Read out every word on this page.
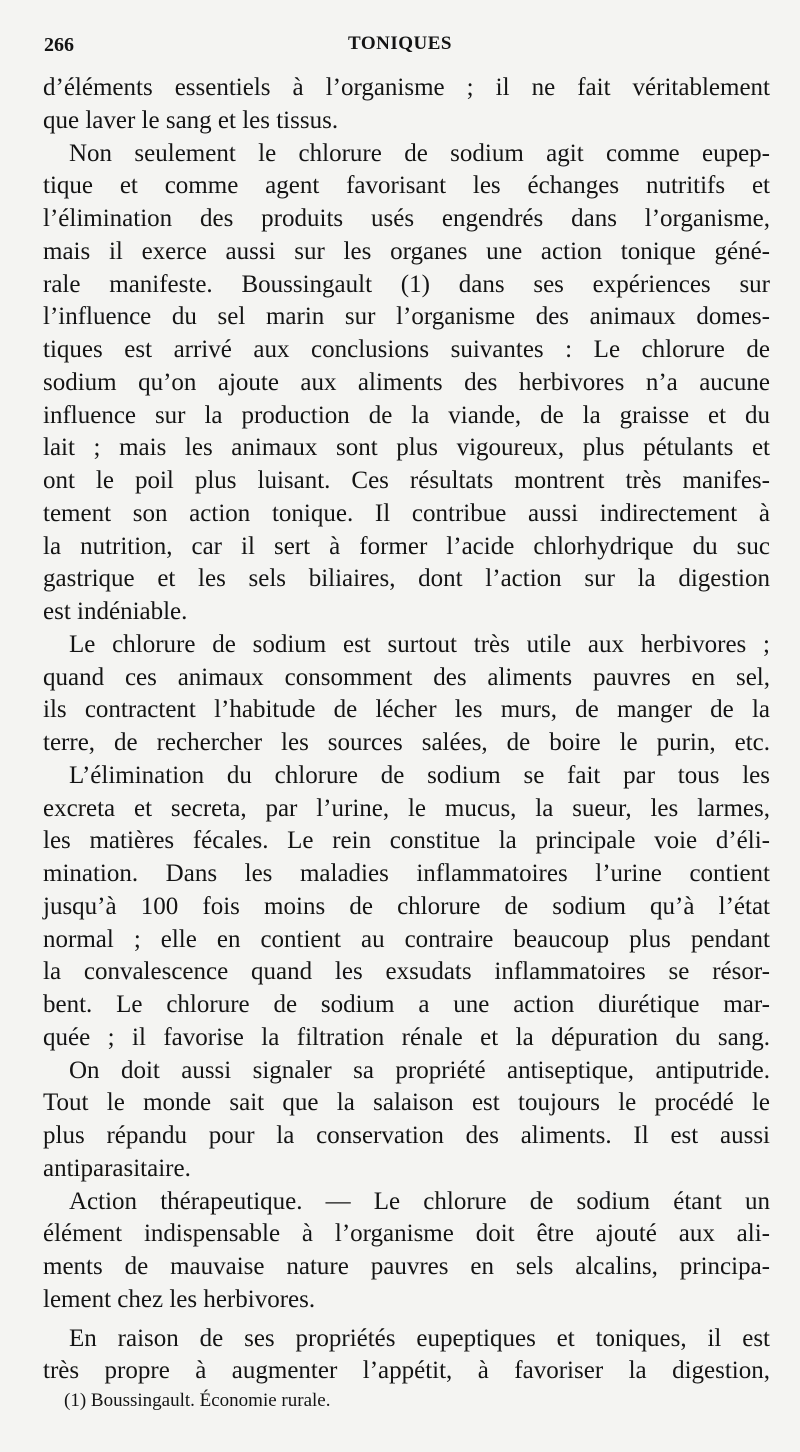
266	TONIQUES
d’éléments essentiels à l’organisme ; il ne fait véritablement
que laver le sang et les tissus.
Non seulement le chlorure de sodium agit comme eupep-
tique et comme agent favorisant les échanges nutritifs et
l’élimination des produits usés engendrés dans l’organisme,
mais il exerce aussi sur les organes une action tonique géné-
rale manifeste. Boussingault (1) dans ses expériences sur
l’influence du sel marin sur l’organisme des animaux domes-
tiques est arrivé aux conclusions suivantes : Le chlorure de
sodium qu’on ajoute aux aliments des herbivores n’a aucune
influence sur la production de la viande, de la graisse et du
lait ; mais les animaux sont plus vigoureux, plus pétulants et
ont le poil plus luisant. Ces résultats montrent très manifes-
tement son action tonique. Il contribue aussi indirectement à
la nutrition, car il sert à former l’acide chlorhydrique du suc
gastrique et les sels biliaires, dont l’action sur la digestion
est indéniable.
Le chlorure de sodium est surtout très utile aux herbivores ;
quand ces animaux consomment des aliments pauvres en sel,
ils contractent l’habitude de lécher les murs, de manger de la
terre, de rechercher les sources salées, de boire le purin, etc.
L’élimination du chlorure de sodium se fait par tous les
excreta et secreta, par l’urine, le mucus, la sueur, les larmes,
les matières fécales. Le rein constitue la principale voie d’éli-
mination. Dans les maladies inflammatoires l’urine contient
jusqu’à 100 fois moins de chlorure de sodium qu’à l’état
normal ; elle en contient au contraire beaucoup plus pendant
la convalescence quand les exsudats inflammatoires se résor-
bent. Le chlorure de sodium a une action diurétique mar-
quée ; il favorise la filtration rénale et la dépuration du sang.
On doit aussi signaler sa propriété antiseptique, antiputride.
Tout le monde sait que la salaison est toujours le procédé le
plus répandu pour la conservation des aliments. Il est aussi
antiparasitaire.
Action thérapeutique. — Le chlorure de sodium étant un
élément indispensable à l’organisme doit être ajouté aux ali-
ments de mauvaise nature pauvres en sels alcalins, principa-
lement chez les herbivores.
En raison de ses propriétés eupeptiques et toniques, il est
très propre à augmenter l’appétit, à favoriser la digestion,
(1) Boussingault. Économie rurale.
